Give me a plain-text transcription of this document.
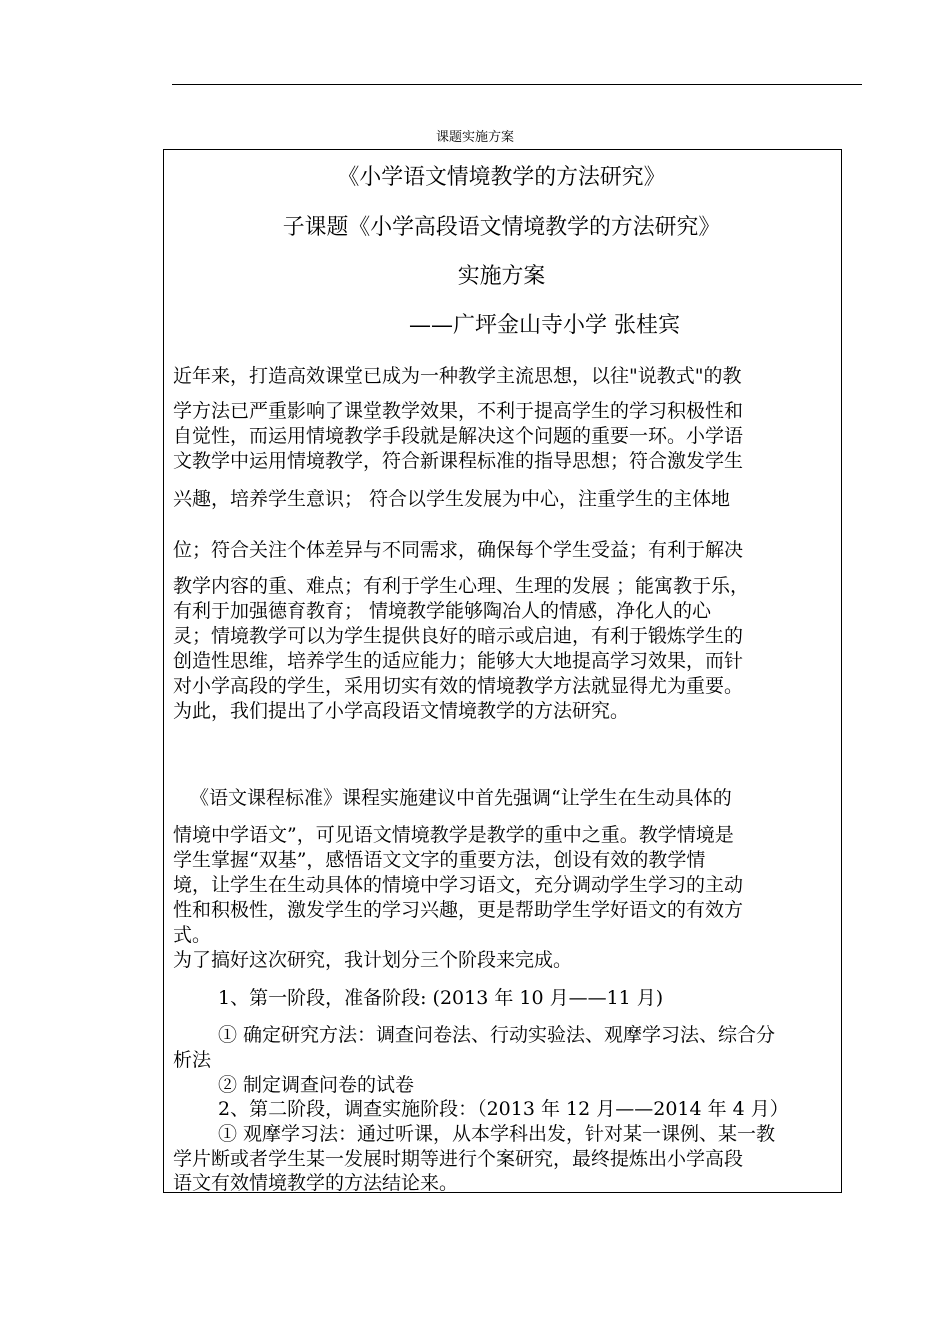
课题实施方案
《小学语文情境教学的方法研究》
子课题《小学高段语文情境教学的方法研究》
实施方案
——广坪金山寺小学 张桂宾
近年来，打造高效课堂已成为一种教学主流思想，以往"说教式"的教
学方法已严重影响了课堂教学效果，不利于提高学生的学习积极性和
自觉性，而运用情境教学手段就是解决这个问题的重要一环。小学语
文教学中运用情境教学，符合新课程标准的指导思想；符合激发学生
兴趣，培养学生意识； 符合以学生发展为中心，注重学生的主体地
位；符合关注个体差异与不同需求，确保每个学生受益；有利于解决
教学内容的重、难点；有利于学生心理、生理的发展 ；能寓教于乐，
有利于加强德育教育； 情境教学能够陶冶人的情感，净化人的心
灵；情境教学可以为学生提供良好的暗示或启迪，有利于锻炼学生的
创造性思维，培养学生的适应能力；能够大大地提高学习效果，而针
对小学高段的学生，采用切实有效的情境教学方法就显得尤为重要。
为此，我们提出了小学高段语文情境教学的方法研究。
《语文课程标准》课程实施建议中首先强调“让学生在生动具体的
情境中学语文”，可见语文情境教学是教学的重中之重。教学情境是
学生掌握“双基”，感悟语文文字的重要方法，创设有效的教学情
境，让学生在生动具体的情境中学习语文，充分调动学生学习的主动
性和积极性，激发学生的学习兴趣，更是帮助学生学好语文的有效方
式。
为了搞好这次研究，我计划分三个阶段来完成。
1、第一阶段，准备阶段: (2013 年 10 月——11 月)
① 确定研究方法：调查问卷法、行动实验法、观摩学习法、综合分
析法
② 制定调查问卷的试卷
2、第二阶段，调查实施阶段：（2013 年 12 月——2014 年 4 月）
① 观摩学习法：通过听课，从本学科出发，针对某一课例、某一教
学片断或者学生某一发展时期等进行个案研究，最终提炼出小学高段
语文有效情境教学的方法结论来。
